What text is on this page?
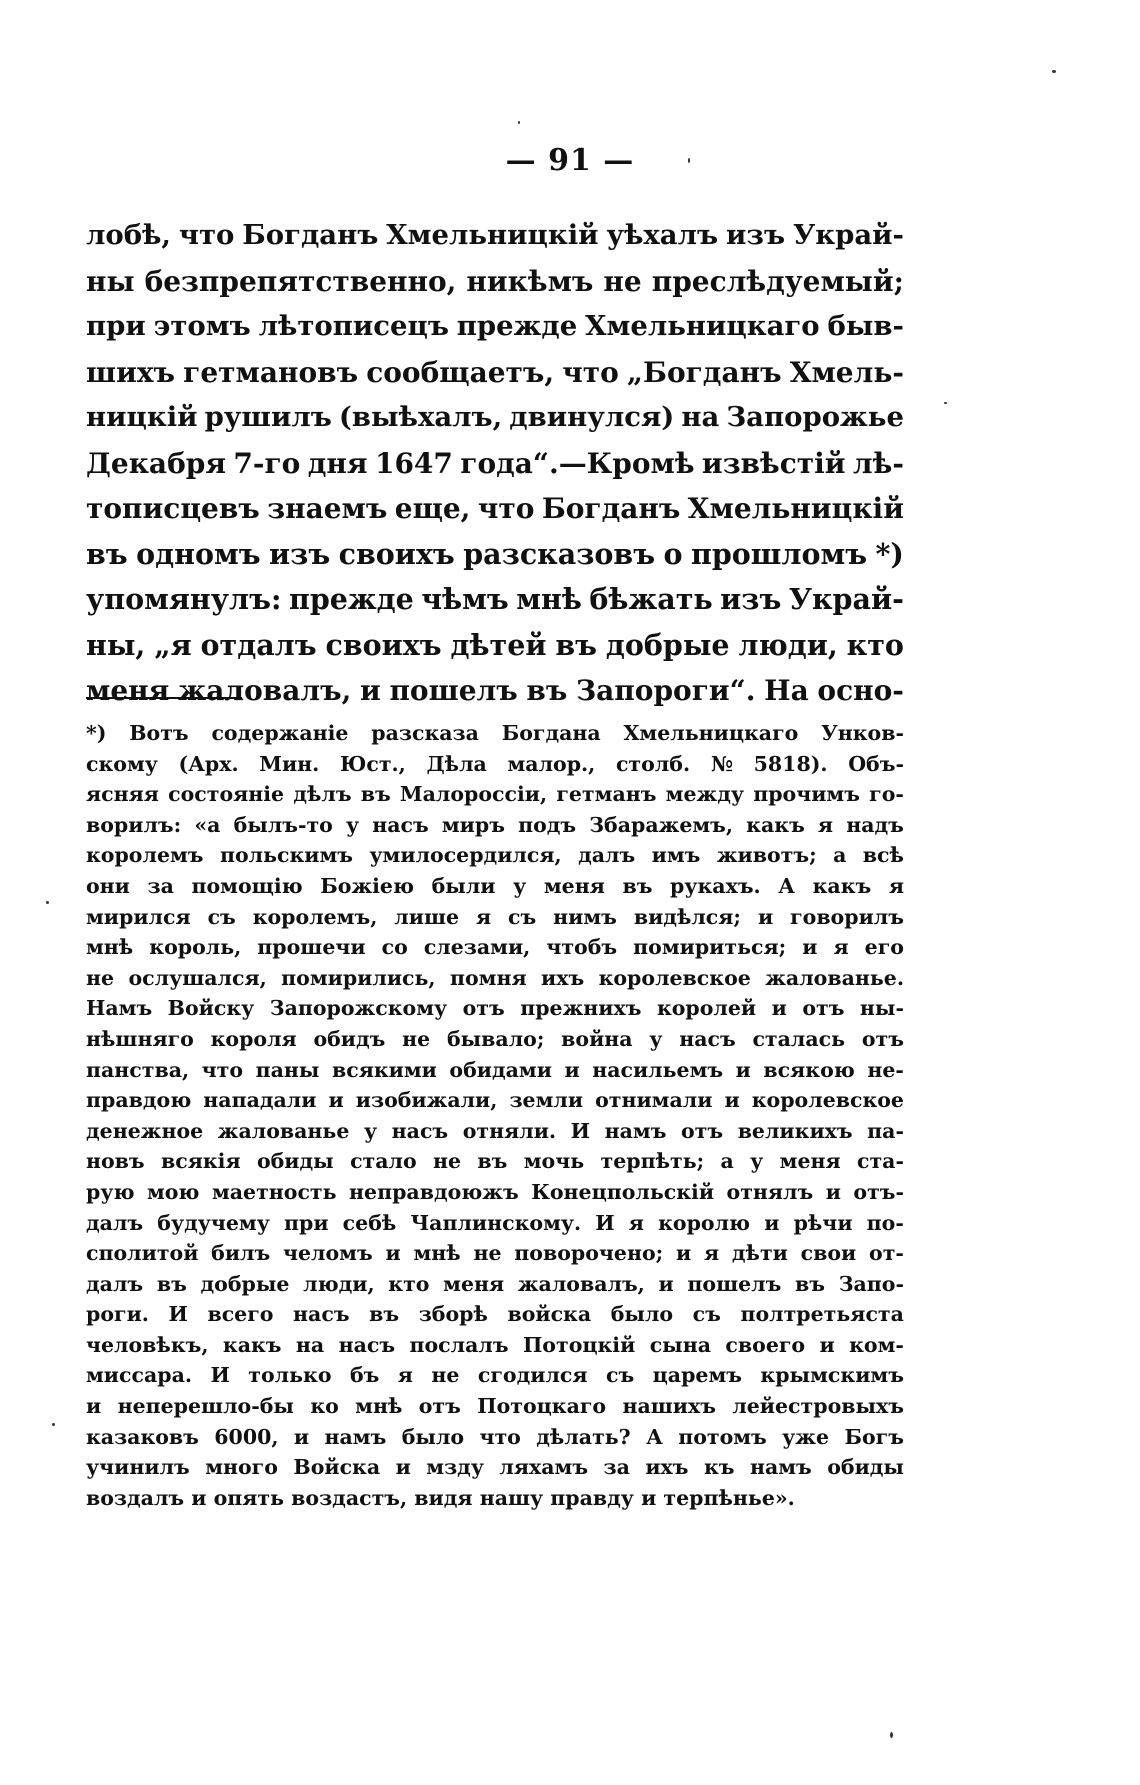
— 91 —
лобѣ, что Богданъ Хмельницкій уѣхалъ изъ Украй-
ны безпрепятственно, никѣмъ не преслѣдуемый;
при этомъ лѣтописецъ прежде Хмельницкаго быв-
шихъ гетмановъ сообщаетъ, что „Богданъ Хмель-
ницкій рушилъ (выѣхалъ, двинулся) на Запорожье
Декабря 7-го дня 1647 года“.—Кромѣ извѣстій лѣ-
тописцевъ знаемъ еще, что Богданъ Хмельницкій
въ одномъ изъ своихъ разсказовъ о прошломъ *)
упомянулъ: прежде чѣмъ мнѣ бѣжать изъ Украй-
ны, „я отдалъ своихъ дѣтей въ добрые люди, кто
меня жаловалъ, и пошелъ въ Запороги“. На осно-
*) Вотъ содержаніе разсказа Богдана Хмельницкаго Унков-
скому (Арх. Мин. Юст., Дѣла малор., столб. № 5818). Объ-
ясняя состояніе дѣлъ въ Малороссіи, гетманъ между прочимъ го-
ворилъ: «а былъ-то у насъ миръ подъ Збаражемъ, какъ я надъ
королемъ польскимъ умилосердился, далъ имъ животъ; а всѣ
они за помощію Божіею были у меня въ рукахъ. А какъ я
мирился съ королемъ, лише я съ нимъ видѣлся; и говорилъ
мнѣ король, прошечи со слезами, чтобъ помириться; и я его
не ослушался, помирились, помня ихъ королевское жалованье.
Намъ Войску Запорожскому отъ прежнихъ королей и отъ ны-
нѣшняго короля обидъ не бывало; война у насъ сталась отъ
панства, что паны всякими обидами и насильемъ и всякою не-
правдою нападали и изобижали, земли отнимали и королевское
денежное жалованье у насъ отняли. И намъ отъ великихъ па-
новъ всякія обиды стало не въ мочь терпѣть; а у меня ста-
рую мою маетность неправдоюжъ Конецпольскій отнялъ и отъ-
далъ будучему при себѣ Чаплинскому. И я королю и рѣчи по-
сполитой билъ челомъ и мнѣ не поворочено; и я дѣти свои от-
далъ въ добрые люди, кто меня жаловалъ, и пошелъ въ Запо-
роги. И всего насъ въ зборѣ войска было съ полтретьяста
человѣкъ, какъ на насъ послалъ Потоцкій сына своего и ком-
миссара. И только бъ я не сгодился съ царемъ крымскимъ
и неперешло-бы ко мнѣ отъ Потоцкаго нашихъ лейестровыхъ
казаковъ 6000, и намъ было что дѣлать? А потомъ уже Богъ
учинилъ много Войска и мзду ляхамъ за ихъ къ намъ обиды
воздалъ и опять воздастъ, видя нашу правду и терпѣнье».
